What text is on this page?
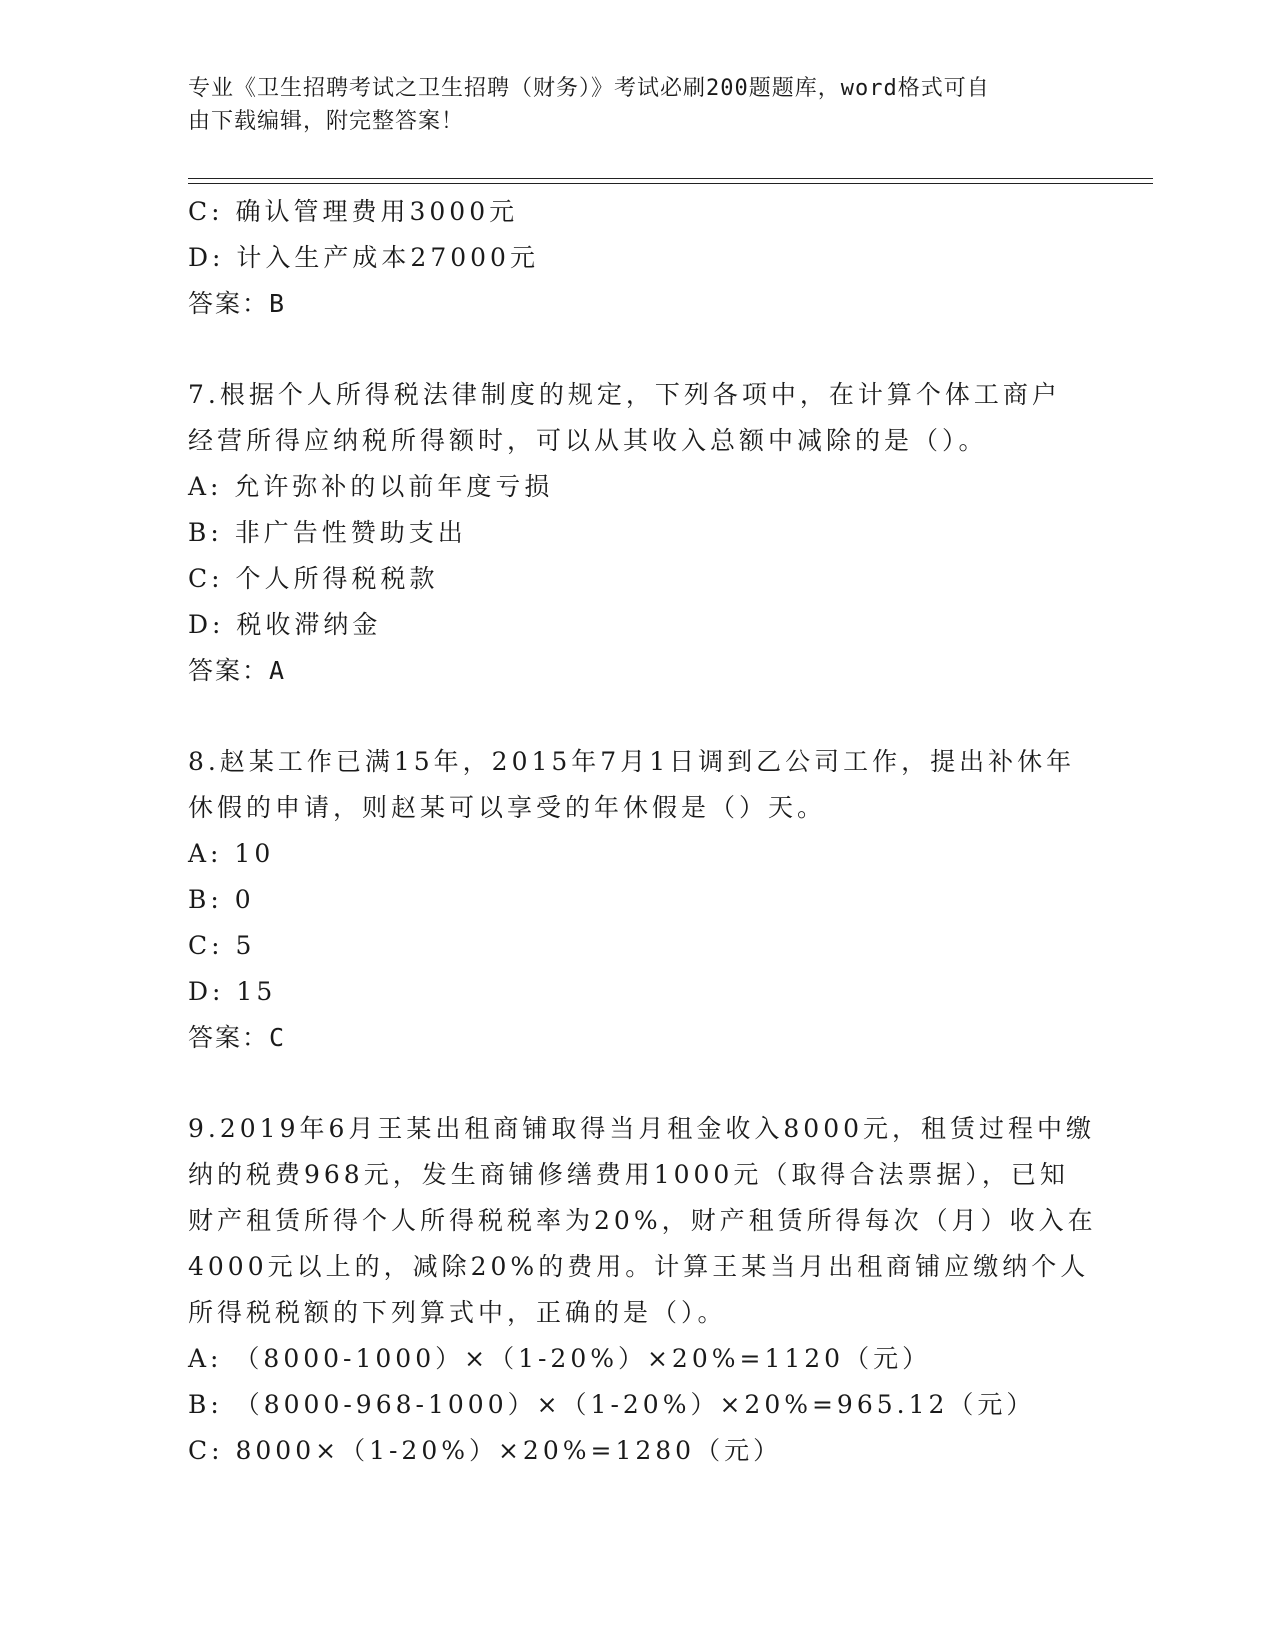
专业《卫生招聘考试之卫生招聘（财务）》考试必刷200题题库，word格式可自
由下载编辑，附完整答案！
C: 确认管理费用3000元
D: 计入生产成本27000元
答案：B
7.根据个人所得税法律制度的规定，下列各项中，在计算个体工商户
经营所得应纳税所得额时，可以从其收入总额中减除的是（）。
A: 允许弥补的以前年度亏损
B: 非广告性赞助支出
C: 个人所得税税款
D: 税收滞纳金
答案：A
8.赵某工作已满15年，2015年7月1日调到乙公司工作，提出补休年
休假的申请，则赵某可以享受的年休假是（）天。
A: 10
B: 0
C: 5
D: 15
答案：C
9.2019年6月王某出租商铺取得当月租金收入8000元，租赁过程中缴
纳的税费968元，发生商铺修缮费用1000元（取得合法票据），已知
财产租赁所得个人所得税税率为20%，财产租赁所得每次（月）收入在
4000元以上的，减除20%的费用。计算王某当月出租商铺应缴纳个人
所得税税额的下列算式中，正确的是（）。
A: （8000-1000）×（1-20%）×20%=1120（元）
B: （8000-968-1000）×（1-20%）×20%=965.12（元）
C: 8000×（1-20%）×20%=1280（元）
